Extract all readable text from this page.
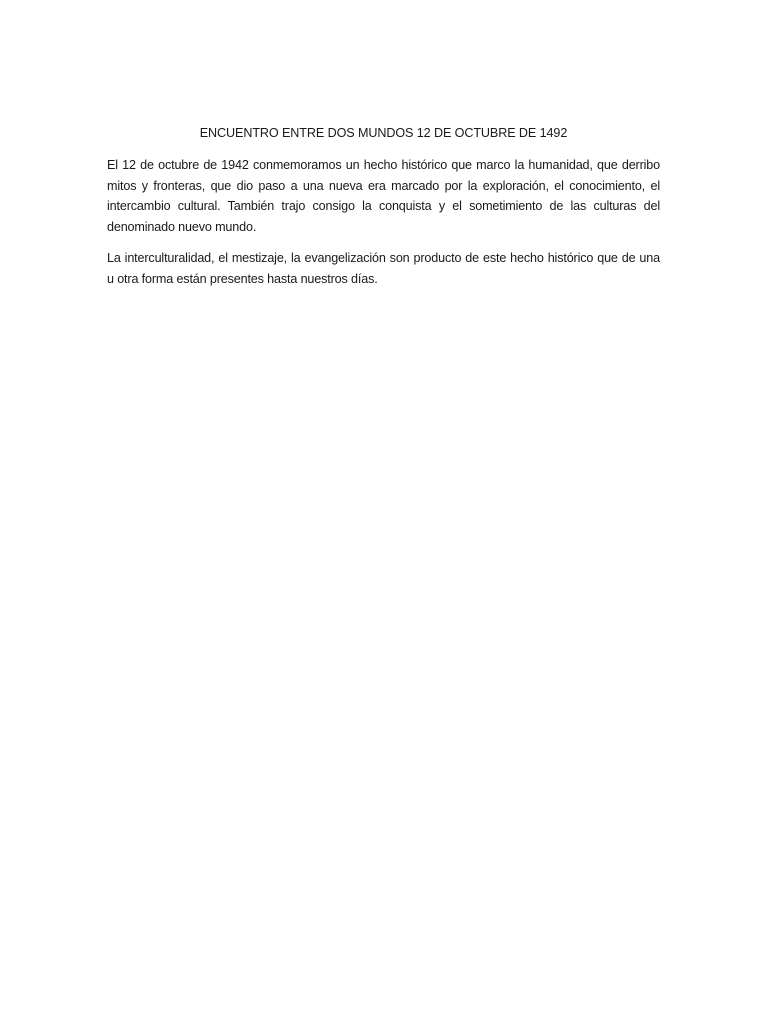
ENCUENTRO ENTRE DOS MUNDOS 12 DE OCTUBRE DE 1492

El 12 de octubre de 1942 conmemoramos un hecho histórico que marco la humanidad, que derribo mitos y fronteras, que dio paso a una nueva era marcado por la exploración, el conocimiento, el intercambio cultural. También trajo consigo la conquista y el sometimiento de las culturas del denominado nuevo mundo.

La interculturalidad, el mestizaje, la evangelización son producto de este hecho histórico que de una u otra forma están presentes hasta nuestros días.
